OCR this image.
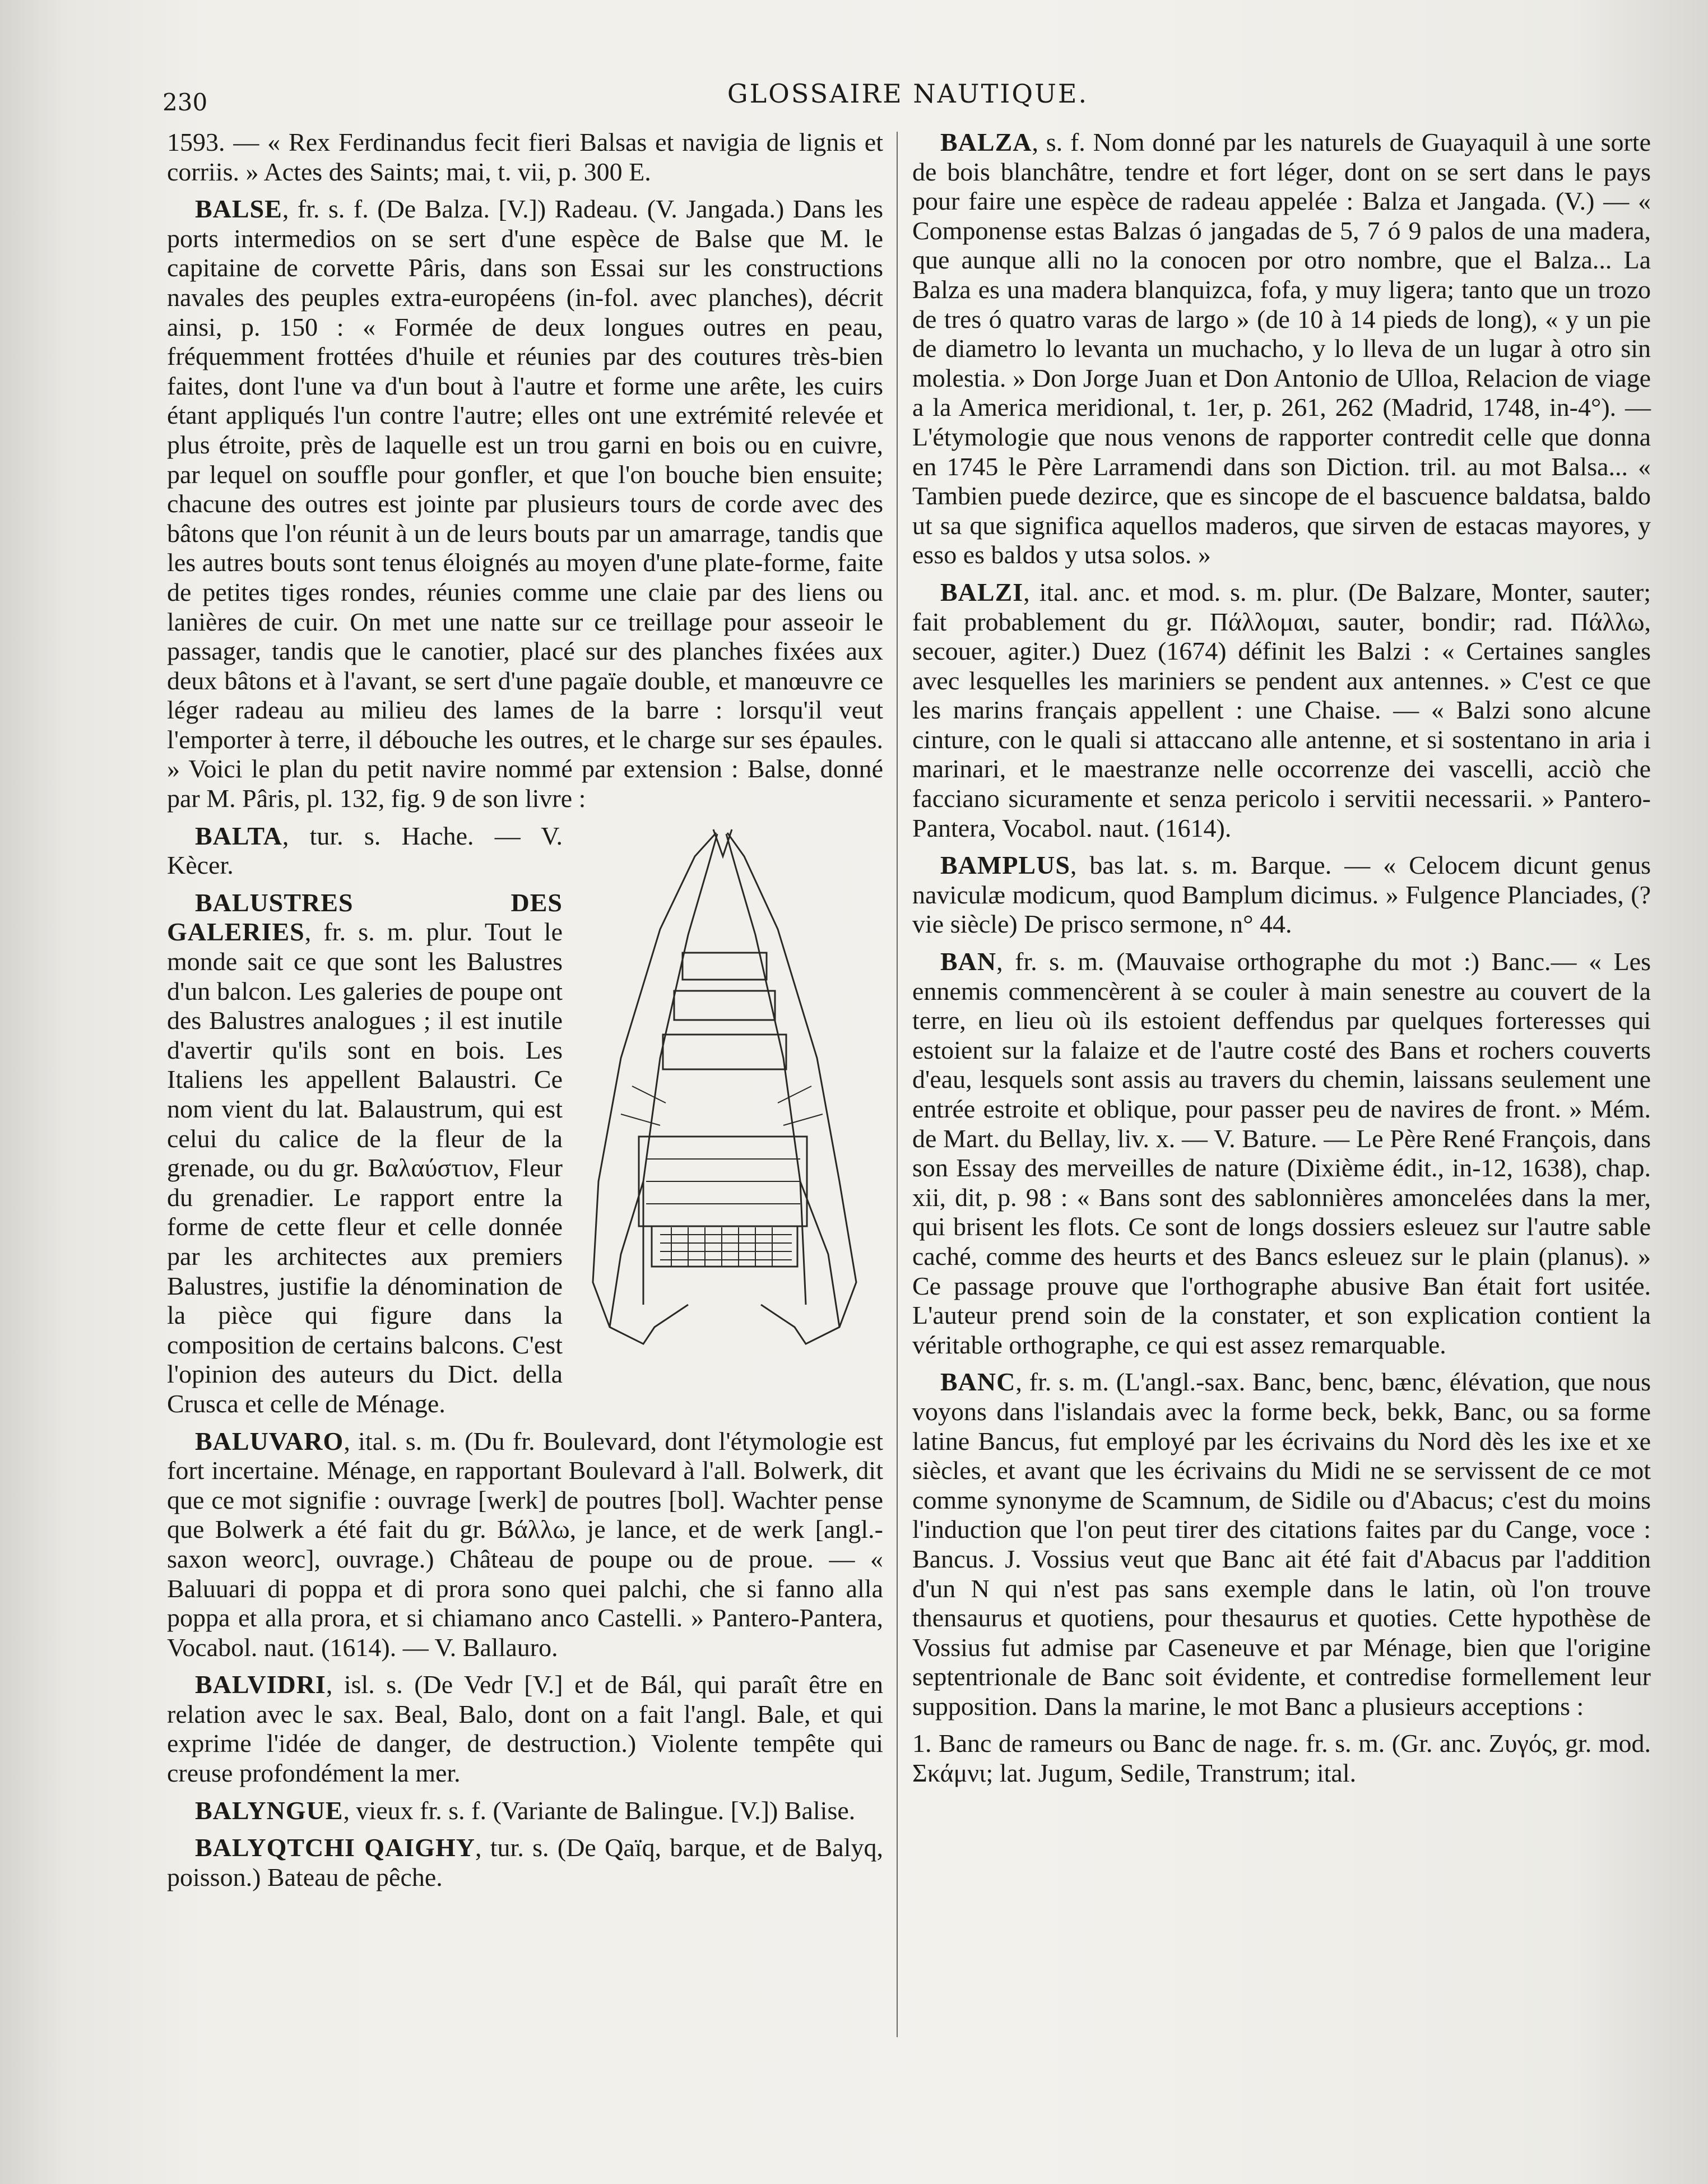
230	GLOSSAIRE NAUTIQUE.

1593. — « Rex Ferdinandus fecit fieri Balsas et navigia de lignis et corriis. » Actes des Saints; mai, t. vii, p. 300 E.

BALSE, fr. s. f. (De Balza. [V.]) Radeau. (V. Jangada.) Dans les ports intermedios on se sert d'une espèce de Balse que M. le capitaine de corvette Pâris, dans son Essai sur les constructions navales des peuples extra-européens (in-fol. avec planches), décrit ainsi, p. 150 : « Formée de deux longues outres en peau, fréquemment frottées d'huile et réunies par des coutures très-bien faites, dont l'une va d'un bout à l'autre et forme une arête, les cuirs étant appliqués l'un contre l'autre; elles ont une extrémité relevée et plus étroite, près de laquelle est un trou garni en bois ou en cuivre, par lequel on souffle pour gonfler, et que l'on bouche bien ensuite; chacune des outres est jointe par plusieurs tours de corde avec des bâtons que l'on réunit à un de leurs bouts par un amarrage, tandis que les autres bouts sont tenus éloignés au moyen d'une plate-forme, faite de petites tiges rondes, réunies comme une claie par des liens ou lanières de cuir. On met une natte sur ce treillage pour asseoir le passager, tandis que le canotier, placé sur des planches fixées aux deux bâtons et à l'avant, se sert d'une pagaïe double, et manœuvre ce léger radeau au milieu des lames de la barre : lorsqu'il veut l'emporter à terre, il débouche les outres, et le charge sur ses épaules. » Voici le plan du petit navire nommé par extension : Balse, donné par M. Pâris, pl. 132, fig. 9 de son livre :

BALTA, tur. s. Hache. — V. Kècer.

BALUSTRES DES GALERIES, fr. s. m. plur. Tout le monde sait ce que sont les Balustres d'un balcon. Les galeries de poupe ont des Balustres analogues ; il est inutile d'avertir qu'ils sont en bois. Les Italiens les appellent Balaustri. Ce nom vient du lat. Balaustrum, qui est celui du calice de la fleur de la grenade, ou du gr. Βαλαύστιον, Fleur du grenadier. Le rapport entre la forme de cette fleur et celle donnée par les architectes aux premiers Balustres, justifie la dénomination de la pièce qui figure dans la composition de certains balcons. C'est l'opinion des auteurs du Dict. della Crusca et celle de Ménage.

BALUVARO, ital. s. m. (Du fr. Boulevard, dont l'étymologie est fort incertaine. Ménage, en rapportant Boulevard à l'all. Bolwerk, dit que ce mot signifie : ouvrage [werk] de poutres [bol]. Wachter pense que Bolwerk a été fait du gr. Βάλλω, je lance, et de werk [angl.-saxon weorc], ouvrage.) Château de poupe ou de proue. — « Baluuari di poppa et di prora sono quei palchi, che si fanno alla poppa et alla prora, et si chiamano anco Castelli. » Pantero-Pantera, Vocabol. naut. (1614). — V. Ballauro.

BALVIDRI, isl. s. (De Vedr [V.] et de Bál, qui paraît être en relation avec le sax. Beal, Balo, dont on a fait l'angl. Bale, et qui exprime l'idée de danger, de destruction.) Violente tempête qui creuse profondément la mer.

BALYNGUE, vieux fr. s. f. (Variante de Balingue. [V.]) Balise.

BALYQTCHI QAIGHY, tur. s. (De Qaïq, barque, et de Balyq, poisson.) Bateau de pêche.

BALZA, s. f. Nom donné par les naturels de Guayaquil à une sorte de bois blanchâtre, tendre et fort léger, dont on se sert dans le pays pour faire une espèce de radeau appelée : Balza et Jangada. (V.) — « Componense estas Balzas ó jangadas de 5, 7 ó 9 palos de una madera, que aunque alli no la conocen por otro nombre, que el Balza... La Balza es una madera blanquizca, fofa, y muy ligera; tanto que un trozo de tres ó quatro varas de largo » (de 10 à 14 pieds de long), « y un pie de diametro lo levanta un muchacho, y lo lleva de un lugar à otro sin molestia. » Don Jorge Juan et Don Antonio de Ulloa, Relacion de viage a la America meridional, t. 1er, p. 261, 262 (Madrid, 1748, in-4°). — L'étymologie que nous venons de rapporter contredit celle que donna en 1745 le Père Larramendi dans son Diction. tril. au mot Balsa... « Tambien puede dezirce, que es sincope de el bascuence baldatsa, baldo ut sa que significa aquellos maderos, que sirven de estacas mayores, y esso es baldos y utsa solos. »

BALZI, ital. anc. et mod. s. m. plur. (De Balzare, Monter, sauter; fait probablement du gr. Πάλλομαι, sauter, bondir; rad. Πάλλω, secouer, agiter.) Duez (1674) définit les Balzi : « Certaines sangles avec lesquelles les mariniers se pendent aux antennes. » C'est ce que les marins français appellent : une Chaise. — « Balzi sono alcune cinture, con le quali si attaccano alle antenne, et si sostentano in aria i marinari, et le maestranze nelle occorrenze dei vascelli, acciò che facciano sicuramente et senza pericolo i servitii necessarii. » Pantero-Pantera, Vocabol. naut. (1614).

BAMPLUS, bas lat. s. m. Barque. — « Celocem dicunt genus naviculæ modicum, quod Bamplum dicimus. » Fulgence Planciades, (? vie siècle) De prisco sermone, n° 44.

BAN, fr. s. m. (Mauvaise orthographe du mot :) Banc.— « Les ennemis commencèrent à se couler à main senestre au couvert de la terre, en lieu où ils estoient deffendus par quelques forteresses qui estoient sur la falaize et de l'autre costé des Bans et rochers couverts d'eau, lesquels sont assis au travers du chemin, laissans seulement une entrée estroite et oblique, pour passer peu de navires de front. » Mém. de Mart. du Bellay, liv. x. — V. Bature. — Le Père René François, dans son Essay des merveilles de nature (Dixième édit., in-12, 1638), chap. xii, dit, p. 98 : « Bans sont des sablonnières amoncelées dans la mer, qui brisent les flots. Ce sont de longs dossiers esleuez sur l'autre sable caché, comme des heurts et des Bancs esleuez sur le plain (planus). » Ce passage prouve que l'orthographe abusive Ban était fort usitée. L'auteur prend soin de la constater, et son explication contient la véritable orthographe, ce qui est assez remarquable.

BANC, fr. s. m. (L'angl.-sax. Banc, benc, bænc, élévation, que nous voyons dans l'islandais avec la forme beck, bekk, Banc, ou sa forme latine Bancus, fut employé par les écrivains du Nord dès les ixe et xe siècles, et avant que les écrivains du Midi ne se servissent de ce mot comme synonyme de Scamnum, de Sidile ou d'Abacus; c'est du moins l'induction que l'on peut tirer des citations faites par du Cange, voce : Bancus. J. Vossius veut que Banc ait été fait d'Abacus par l'addition d'un N qui n'est pas sans exemple dans le latin, où l'on trouve thensaurus et quotiens, pour thesaurus et quoties. Cette hypothèse de Vossius fut admise par Caseneuve et par Ménage, bien que l'origine septentrionale de Banc soit évidente, et contredise formellement leur supposition. Dans la marine, le mot Banc a plusieurs acceptions :

1. Banc de rameurs ou Banc de nage. fr. s. m. (Gr. anc. Ζυγός, gr. mod. Σκάμνι; lat. Jugum, Sedile, Transtrum; ital.
